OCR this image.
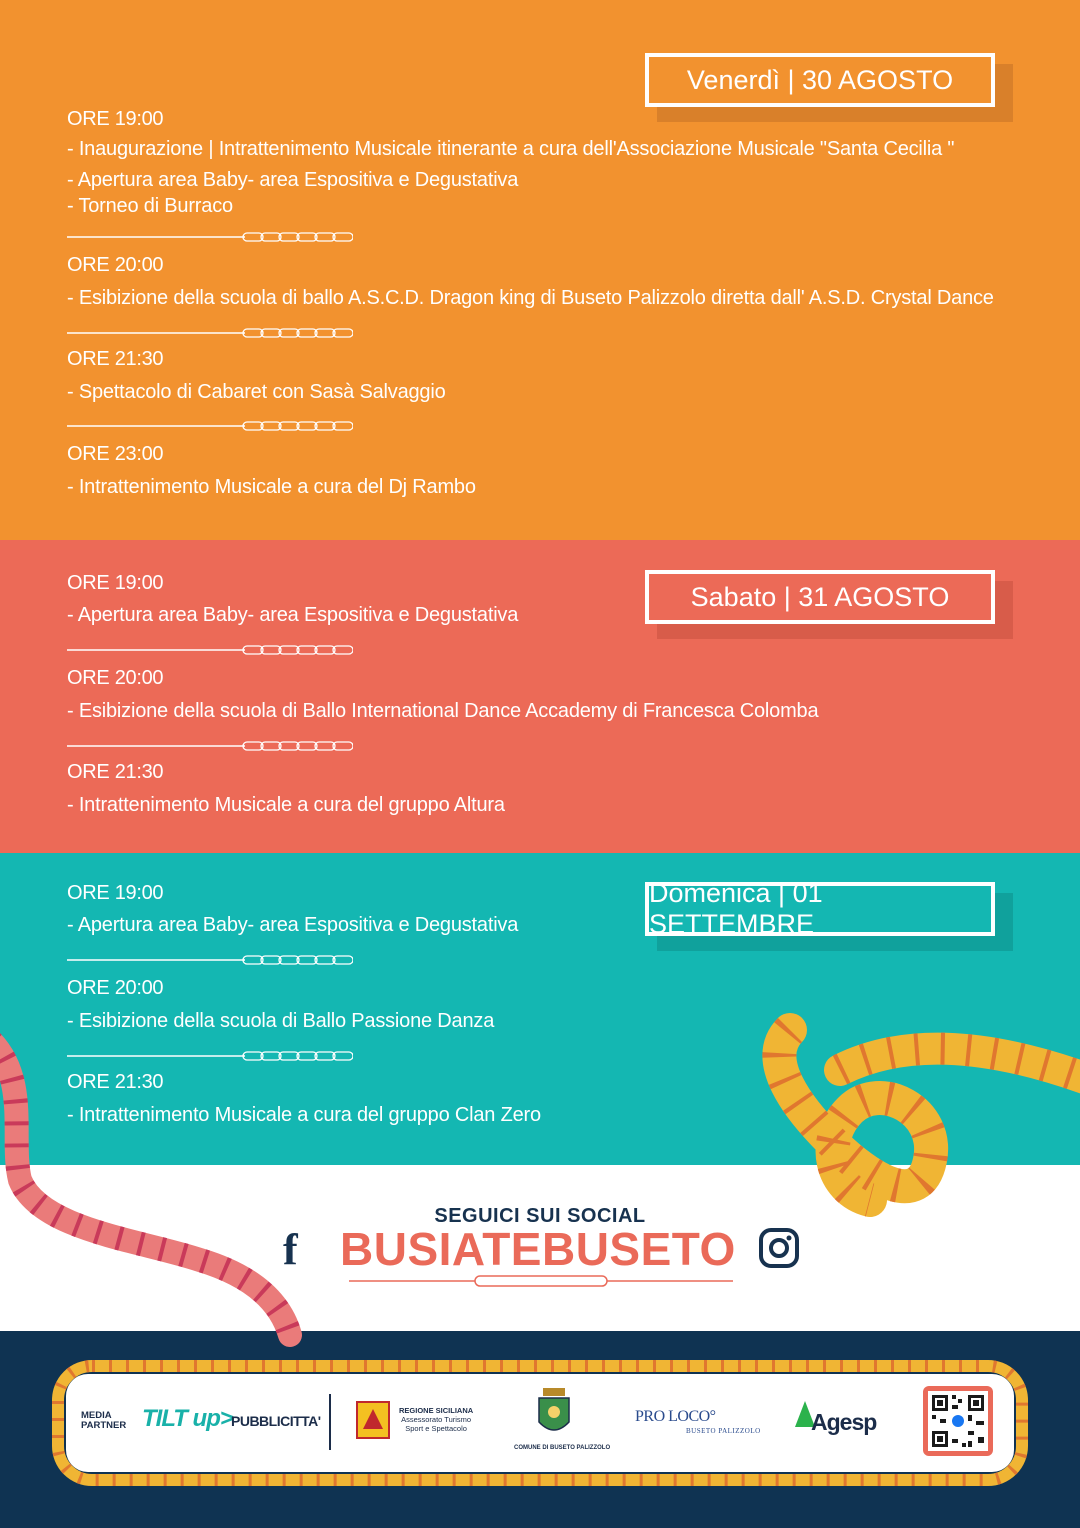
Venerdì | 30 AGOSTO
Sabato | 31 AGOSTO
Domenica | 01 SETTEMBRE
ORE 19:00
- Inaugurazione | Intrattenimento Musicale itinerante a cura dell'Associazione Musicale "Santa Cecilia "
- Apertura area Baby- area Espositiva e Degustativa
- Torneo di Burraco
ORE 20:00
- Esibizione della scuola di ballo A.S.C.D. Dragon king di Buseto Palizzolo diretta dall' A.S.D. Crystal Dance
ORE 21:30
- Spettacolo di Cabaret con Sasà Salvaggio
ORE 23:00
- Intrattenimento Musicale a cura del Dj Rambo
ORE 19:00
- Apertura area Baby- area Espositiva e Degustativa
ORE 20:00
- Esibizione della scuola di Ballo International Dance Accademy di Francesca Colomba
ORE 21:30
- Intrattenimento Musicale a cura del gruppo Altura
ORE 19:00
- Apertura area Baby- area Espositiva e Degustativa
ORE 20:00
- Esibizione della scuola di Ballo Passione Danza
ORE 21:30
- Intrattenimento Musicale a cura del gruppo Clan Zero
SEGUICI SUI SOCIAL
f BUSIATEBUSETO
MEDIA PARTNER TILT up>
PUBBLICITTA'
REGIONE SICILIANA
Assessorato Turismo
Sport e Spettacolo
COMUNE DI BUSETO PALIZZOLO
PRO LOCO°
BUSETO PALIZZOLO Agesp
